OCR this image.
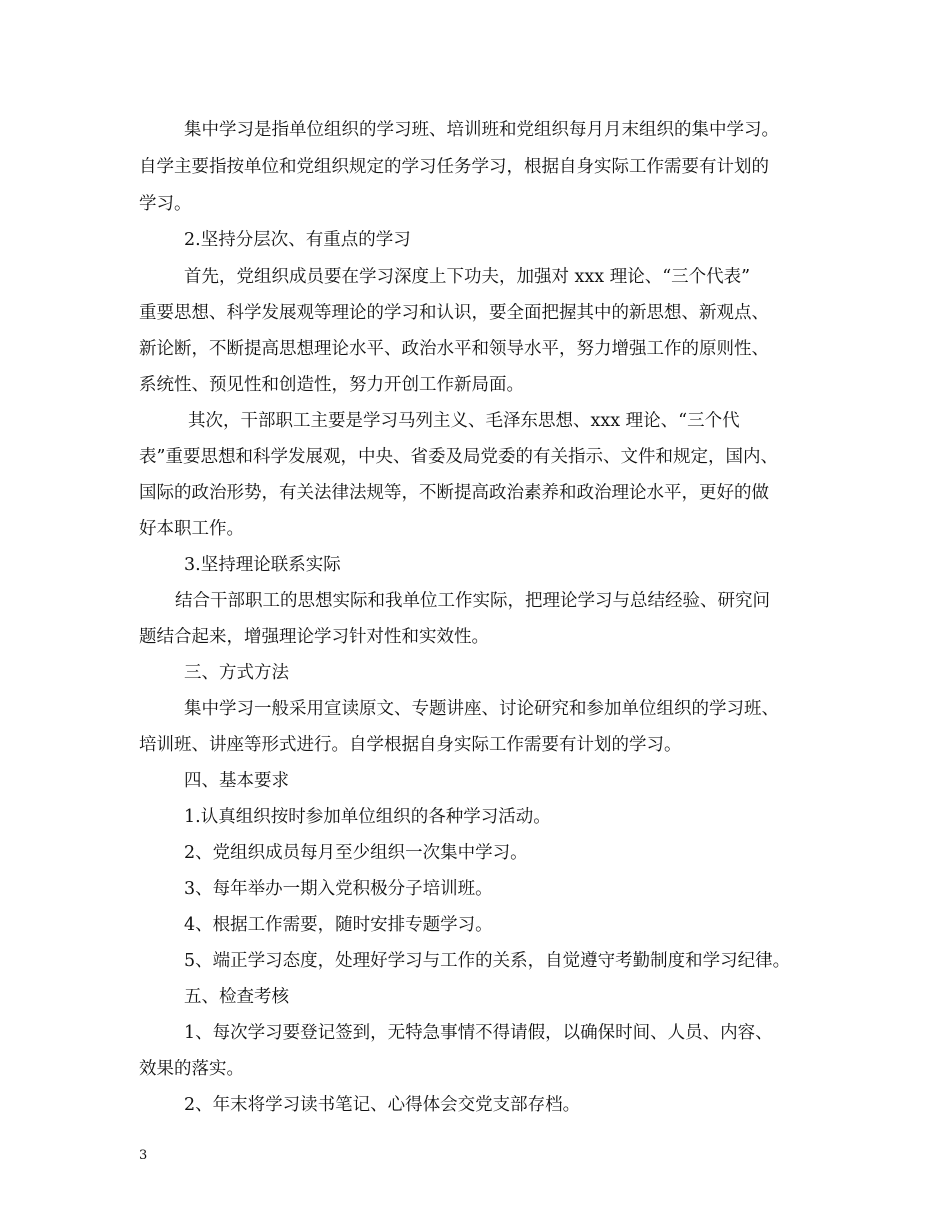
集中学习是指单位组织的学习班、培训班和党组织每月月末组织的集中学习。
自学主要指按单位和党组织规定的学习任务学习，根据自身实际工作需要有计划的
学习。
2.坚持分层次、有重点的学习
首先，党组织成员要在学习深度上下功夫，加强对 xxx 理论、“三个代表”
重要思想、科学发展观等理论的学习和认识，要全面把握其中的新思想、新观点、
新论断，不断提高思想理论水平、政治水平和领导水平，努力增强工作的原则性、
系统性、预见性和创造性，努力开创工作新局面。
其次，干部职工主要是学习马列主义、毛泽东思想、xxx 理论、“三个代
表”重要思想和科学发展观，中央、省委及局党委的有关指示、文件和规定，国内、
国际的政治形势，有关法律法规等，不断提高政治素养和政治理论水平，更好的做
好本职工作。
3.坚持理论联系实际
结合干部职工的思想实际和我单位工作实际，把理论学习与总结经验、研究问
题结合起来，增强理论学习针对性和实效性。
三、方式方法
集中学习一般采用宣读原文、专题讲座、讨论研究和参加单位组织的学习班、
培训班、讲座等形式进行。自学根据自身实际工作需要有计划的学习。
四、基本要求
1.认真组织按时参加单位组织的各种学习活动。
2、党组织成员每月至少组织一次集中学习。
3、每年举办一期入党积极分子培训班。
4、根据工作需要，随时安排专题学习。
5、端正学习态度，处理好学习与工作的关系，自觉遵守考勤制度和学习纪律。
五、检查考核
1、每次学习要登记签到，无特急事情不得请假，以确保时间、人员、内容、
效果的落实。
2、年末将学习读书笔记、心得体会交党支部存档。
3
